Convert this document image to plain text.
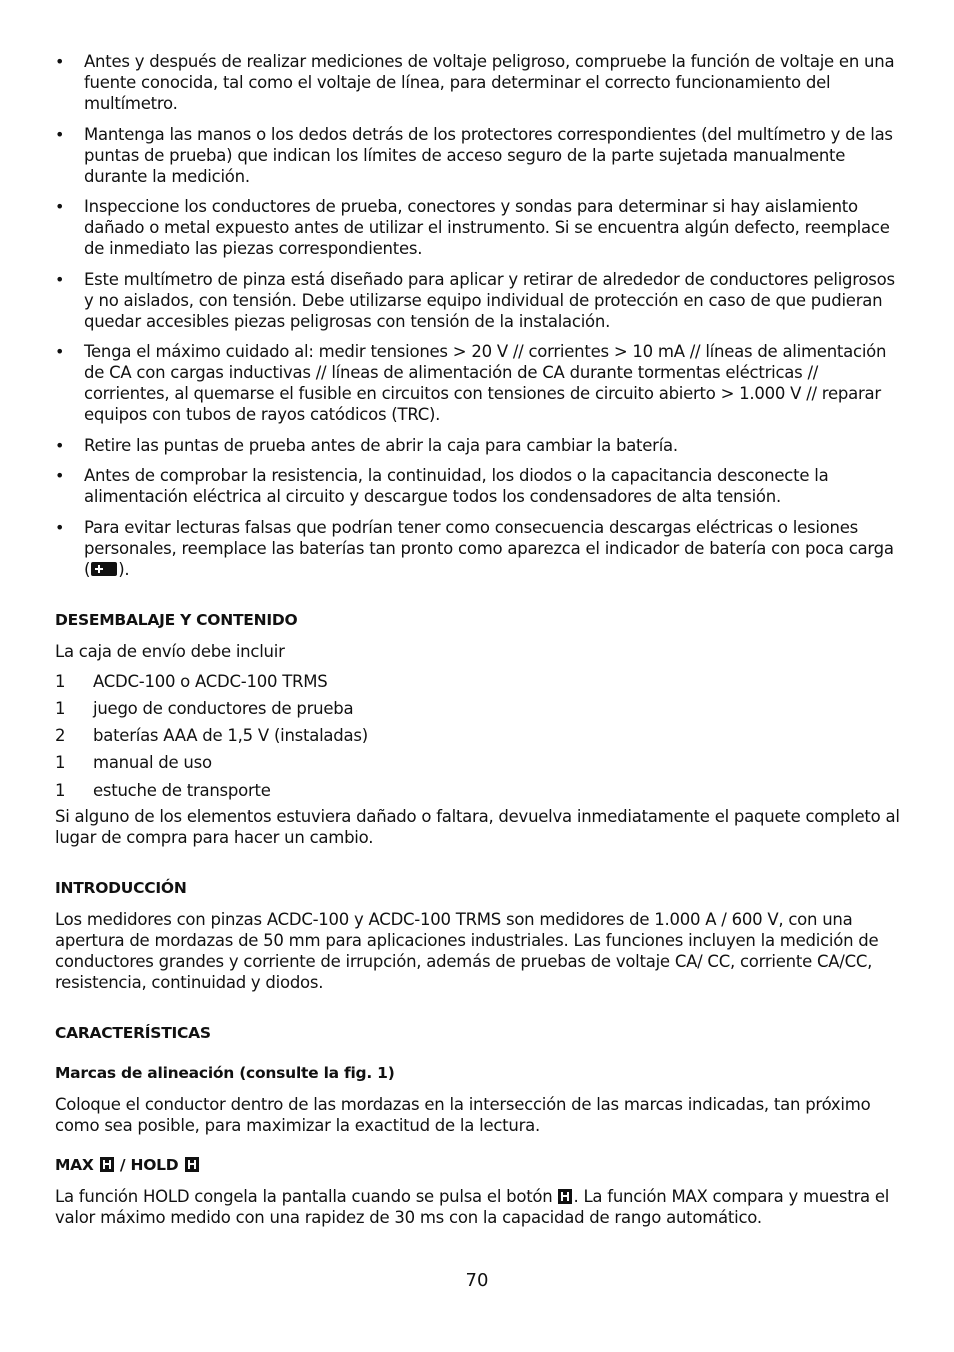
• Antes y después de realizar mediciones de voltaje peligroso, compruebe la función de voltaje en una fuente conocida, tal como el voltaje de línea, para determinar el correcto funcionamiento del multímetro.
• Mantenga las manos o los dedos detrás de los protectores correspondientes (del multímetro y de las puntas de prueba) que indican los límites de acceso seguro de la parte sujetada manualmente durante la medición.
• Inspeccione los conductores de prueba, conectores y sondas para determinar si hay aislamiento dañado o metal expuesto antes de utilizar el instrumento. Si se encuentra algún defecto, reemplace de inmediato las piezas correspondientes.
• Este multímetro de pinza está diseñado para aplicar y retirar de alrededor de conductores peligrosos y no aislados, con tensión. Debe utilizarse equipo individual de protección en caso de que pudieran quedar accesibles piezas peligrosas con tensión de la instalación.
• Tenga el máximo cuidado al: medir tensiones > 20 V // corrientes > 10 mA // líneas de alimentación de CA con cargas inductivas // líneas de alimentación de CA durante tormentas eléctricas // corrientes, al quemarse el fusible en circuitos con tensiones de circuito abierto > 1.000 V // reparar equipos con tubos de rayos catódicos (TRC).
• Retire las puntas de prueba antes de abrir la caja para cambiar la batería.
• Antes de comprobar la resistencia, la continuidad, los diodos o la capacitancia desconecte la alimentación eléctrica al circuito y descargue todos los condensadores de alta tensión.
• Para evitar lecturas falsas que podrían tener como consecuencia descargas eléctricas o lesiones personales, reemplace las baterías tan pronto como aparezca el indicador de batería con poca carga ( ).
DESEMBALAJE Y CONTENIDO

La caja de envío debe incluir

1	ACDC-100 o ACDC-100 TRMS
1	juego de conductores de prueba
2	baterías AAA de 1,5 V (instaladas)
1	manual de uso
1	estuche de transporte

Si alguno de los elementos estuviera dañado o faltara, devuelva inmediatamente el paquete completo al lugar de compra para hacer un cambio.

INTRODUCCIÓN

Los medidores con pinzas ACDC-100 y ACDC-100 TRMS son medidores de 1.000 A / 600 V, con una apertura de mordazas de 50 mm para aplicaciones industriales. Las funciones incluyen la medición de conductores grandes y corriente de irrupción, además de pruebas de voltaje CA/ CC, corriente CA/CC, resistencia, continuidad y diodos.

CARACTERÍSTICAS
Marcas de alineación (consulte la fig. 1)

Coloque el conductor dentro de las mordazas en la intersección de las marcas indicadas, tan próximo como sea posible, para maximizar la exactitud de la lectura.

MAX  / HOLD

La función HOLD congela la pantalla cuando se pulsa el botón . La función MAX compara y muestra el valor máximo medido con una rapidez de 30 ms con la capacidad de rango automático.

70
